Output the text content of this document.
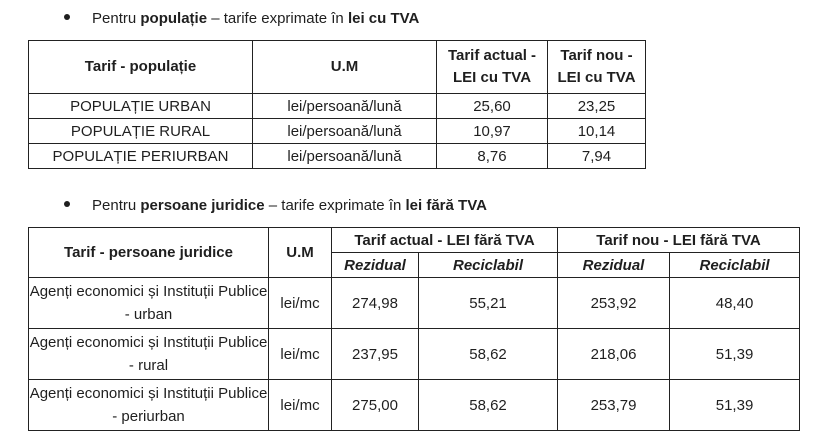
Pentru populație – tarife exprimate în lei cu TVA
Tarif - populație	U.M	Tarif actual - LEI cu TVA	Tarif nou - LEI cu TVA
POPULAȚIE URBAN	lei/persoană/lună	25,60	23,25
POPULAȚIE RURAL	lei/persoană/lună	10,97	10,14
POPULAȚIE PERIURBAN	lei/persoană/lună	8,76	7,94
Pentru persoane juridice – tarife exprimate în lei fără TVA
Tarif - persoane juridice	U.M	Tarif actual - LEI fără TVA		Tarif nou - LEI fără TVA	
		Rezidual	Reciclabil	Rezidual	Reciclabil
Agenți economici și Instituții Publice - urban	lei/mc	274,98	55,21	253,92	48,40
Agenți economici și Instituții Publice - rural	lei/mc	237,95	58,62	218,06	51,39
Agenți economici și Instituții Publice - periurban	lei/mc	275,00	58,62	253,79	51,39
